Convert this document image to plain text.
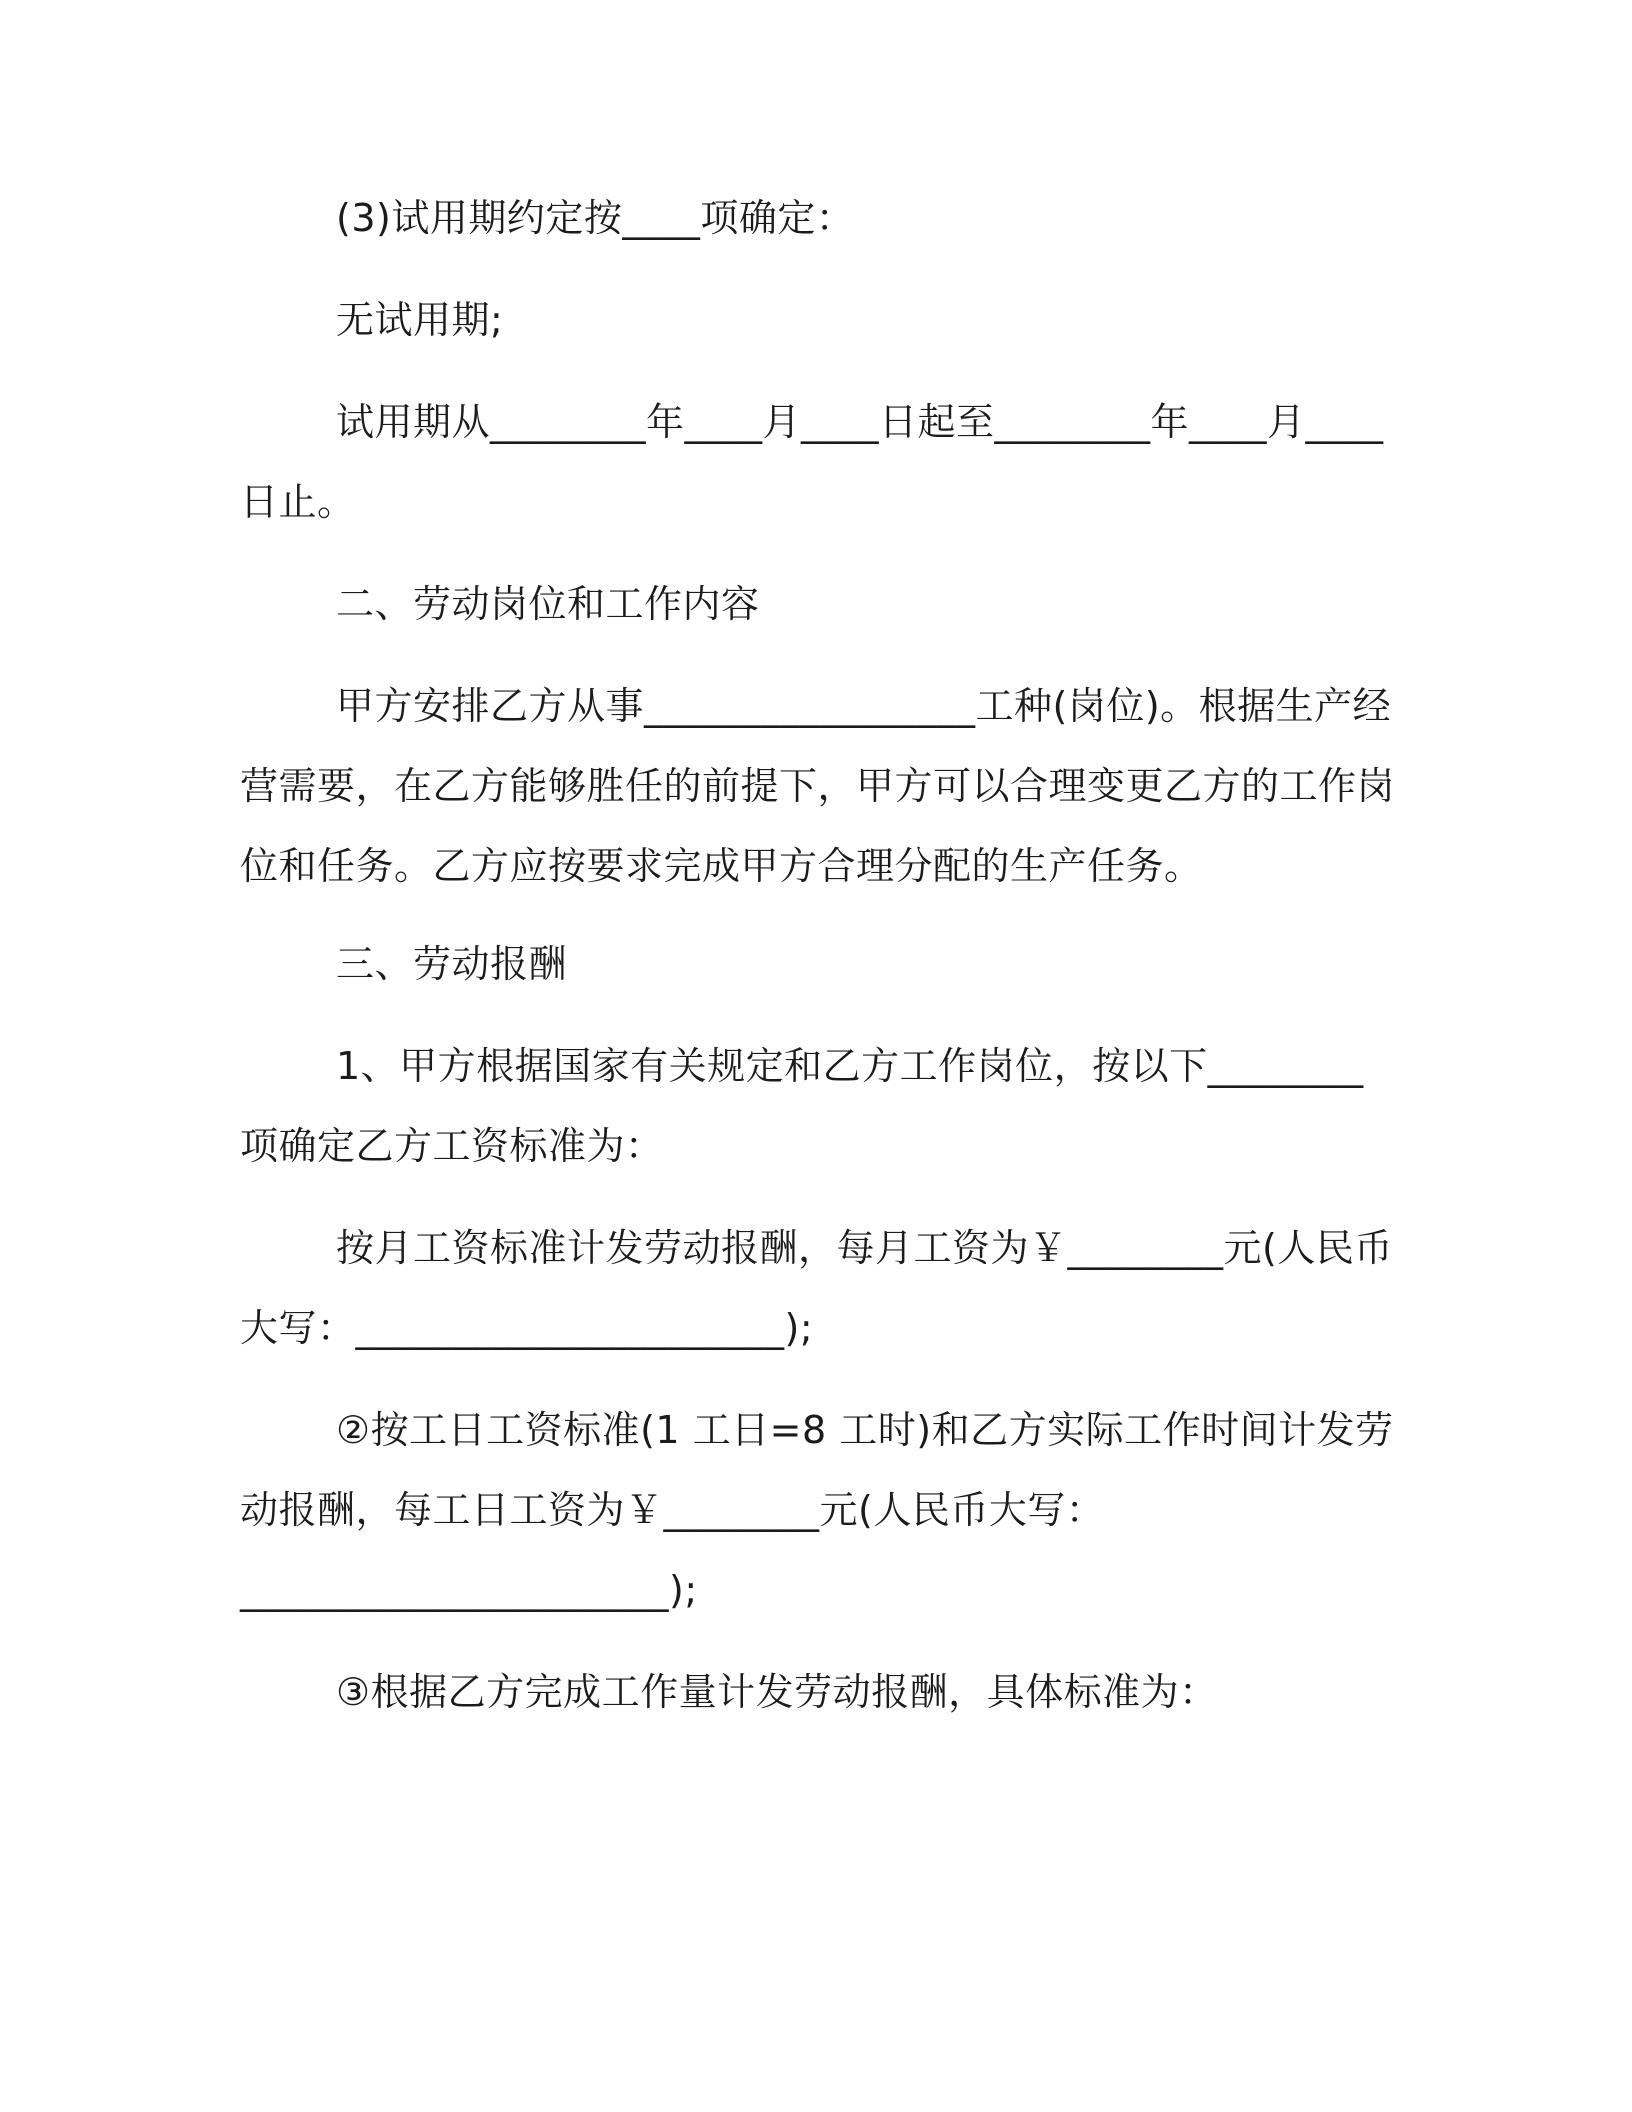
(3)试用期约定按____项确定：

无试用期;

试用期从________年____月____日起至________年____月____日止。

二、劳动岗位和工作内容

甲方安排乙方从事_________________工种(岗位)。根据生产经营需要，在乙方能够胜任的前提下，甲方可以合理变更乙方的工作岗位和任务。乙方应按要求完成甲方合理分配的生产任务。

三、劳动报酬

1、甲方根据国家有关规定和乙方工作岗位，按以下________项确定乙方工资标准为：

按月工资标准计发劳动报酬，每月工资为￥________元(人民币大写：______________________);

②按工日工资标准(1 工日=8 工时)和乙方实际工作时间计发劳动报酬，每工日工资为￥________元(人民币大写：______________________);

③根据乙方完成工作量计发劳动报酬，具体标准为：
